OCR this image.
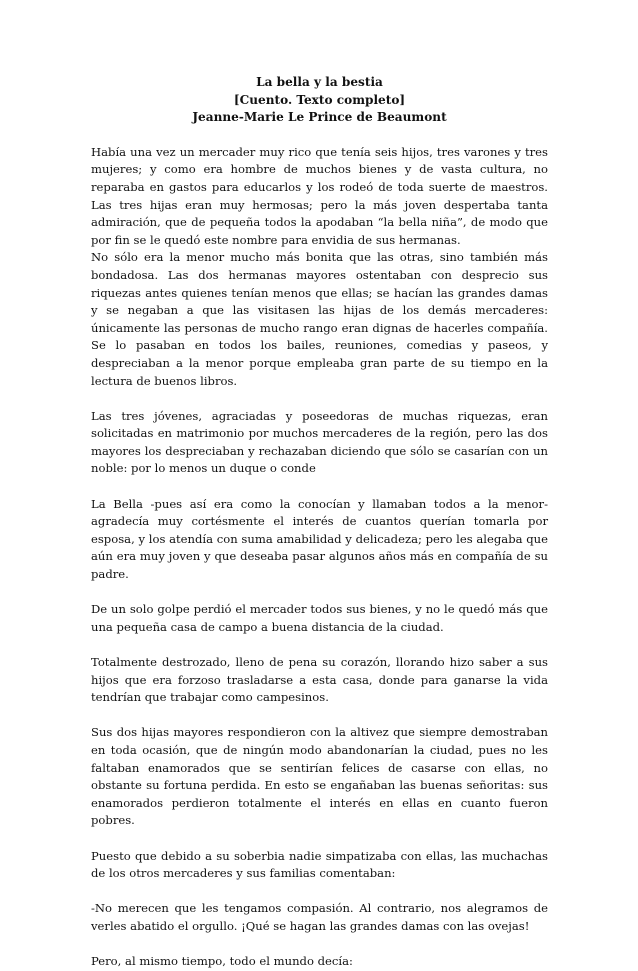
La bella y la bestia
[Cuento. Texto completo]
Jeanne-Marie Le Prince de Beaumont

Había una vez un mercader muy rico que tenía seis hijos, tres varones y tres mujeres; y como era hombre de muchos bienes y de vasta cultura, no reparaba en gastos para educarlos y los rodeó de toda suerte de maestros. Las tres hijas eran muy hermosas; pero la más joven despertaba tanta admiración, que de pequeña todos la apodaban “la bella niña”, de modo que por fin se le quedó este nombre para envidia de sus hermanas.

No sólo era la menor mucho más bonita que las otras, sino también más bondadosa. Las dos hermanas mayores ostentaban con desprecio sus riquezas antes quienes tenían menos que ellas; se hacían las grandes damas y se negaban a que las visitasen las hijas de los demás mercaderes: únicamente las personas de mucho rango eran dignas de hacerles compañía. Se lo pasaban en todos los bailes, reuniones, comedias y paseos, y despreciaban a la menor porque empleaba gran parte de su tiempo en la lectura de buenos libros.

Las tres jóvenes, agraciadas y poseedoras de muchas riquezas, eran solicitadas en matrimonio por muchos mercaderes de la región, pero las dos mayores los despreciaban y rechazaban diciendo que sólo se casarían con un noble: por lo menos un duque o conde

La Bella -pues así era como la conocían y llamaban todos a la menor- agradecía muy cortésmente el interés de cuantos querían tomarla por esposa, y los atendía con suma amabilidad y delicadeza; pero les alegaba que aún era muy joven y que deseaba pasar algunos años más en compañía de su padre.

De un solo golpe perdió el mercader todos sus bienes, y no le quedó más que una pequeña casa de campo a buena distancia de la ciudad.

Totalmente destrozado, lleno de pena su corazón, llorando hizo saber a sus hijos que era forzoso trasladarse a esta casa, donde para ganarse la vida tendrían que trabajar como campesinos.

Sus dos hijas mayores respondieron con la altivez que siempre demostraban en toda ocasión, que de ningún modo abandonarían la ciudad, pues no les faltaban enamorados que se sentirían felices de casarse con ellas, no obstante su fortuna perdida. En esto se engañaban las buenas señoritas: sus enamorados perdieron totalmente el interés en ellas en cuanto fueron pobres.

Puesto que debido a su soberbia nadie simpatizaba con ellas, las muchachas de los otros mercaderes y sus familias comentaban:

-No merecen que les tengamos compasión. Al contrario, nos alegramos de verles abatido el orgullo. ¡Qué se hagan las grandes damas con las ovejas!

Pero, al mismo tiempo, todo el mundo decía:
